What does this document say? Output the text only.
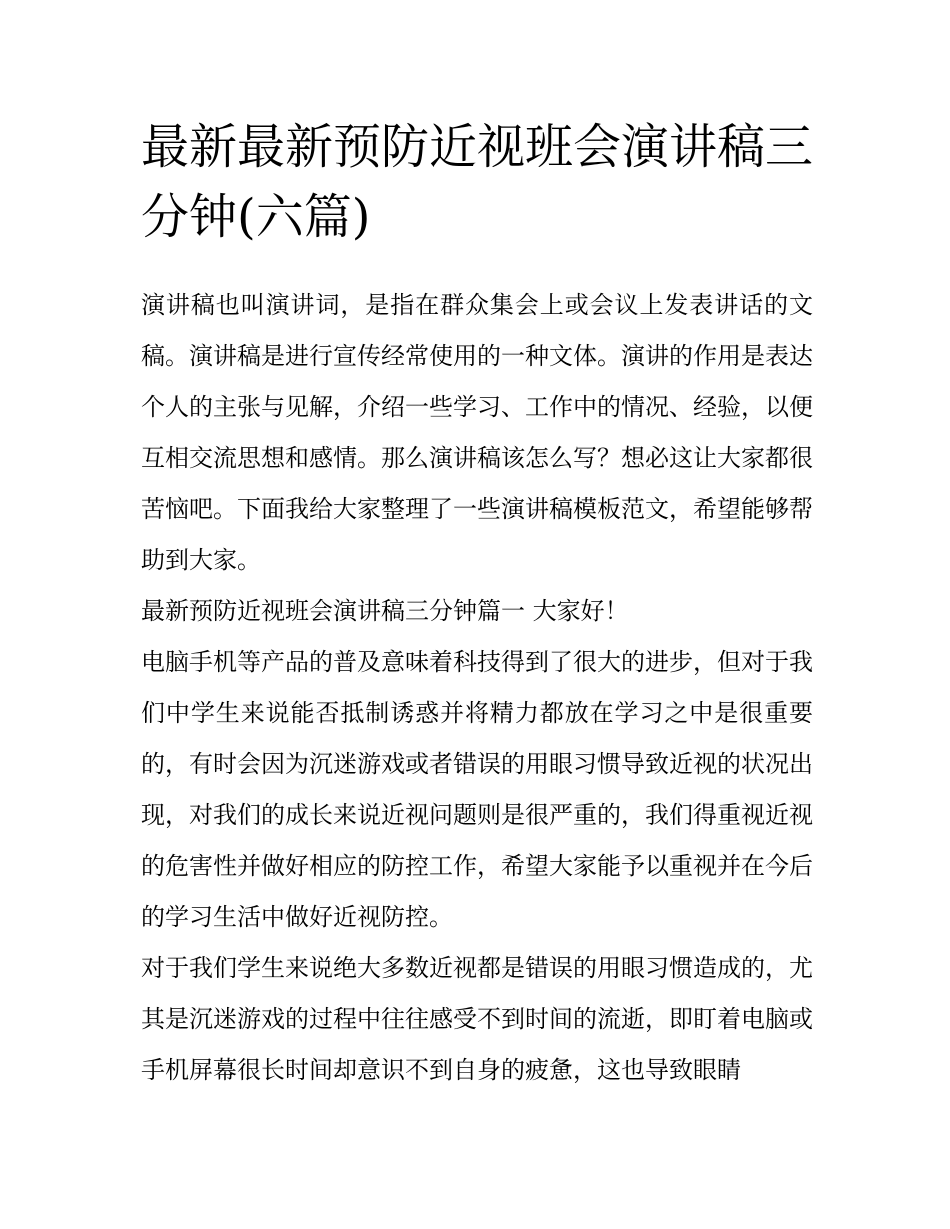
最新最新预防近视班会演讲稿三分钟(六篇)

演讲稿也叫演讲词，是指在群众集会上或会议上发表讲话的文稿。演讲稿是进行宣传经常使用的一种文体。演讲的作用是表达个人的主张与见解，介绍一些学习、工作中的情况、经验，以便互相交流思想和感情。那么演讲稿该怎么写？想必这让大家都很苦恼吧。下面我给大家整理了一些演讲稿模板范文，希望能够帮助到大家。

最新预防近视班会演讲稿三分钟篇一 大家好！

电脑手机等产品的普及意味着科技得到了很大的进步，但对于我们中学生来说能否抵制诱惑并将精力都放在学习之中是很重要的，有时会因为沉迷游戏或者错误的用眼习惯导致近视的状况出现，对我们的成长来说近视问题则是很严重的，我们得重视近视的危害性并做好相应的防控工作，希望大家能予以重视并在今后的学习生活中做好近视防控。

对于我们学生来说绝大多数近视都是错误的用眼习惯造成的，尤其是沉迷游戏的过程中往往感受不到时间的流逝，即盯着电脑或手机屏幕很长时间却意识不到自身的疲惫，这也导致眼睛
